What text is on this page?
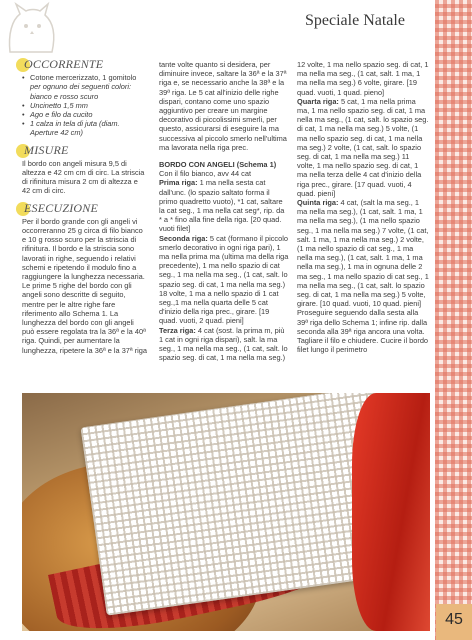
Speciale Natale
OCCORRENTE
• Cotone mercerizzato, 1 gomitolo per ognuno dei seguenti colori: bianco e rosso scuro
• Uncinetto 1,5 mm
• Ago e filo da cucito
• 1 calza in tela di juta (diam. Aperture 42 cm)
MISURE

Il bordo con angeli misura 9,5 di altezza e 42 cm cm di circ. La striscia di rifinitura misura 2 cm di altezza e 42 cm di circ.

ESECUZIONE

Per il bordo grande con gli angeli vi occorreranno 25 g circa di filo bianco e 10 g rosso scuro per la striscia di rifinitura. Il bordo e la striscia sono lavorati in righe, seguendo i relativi schemi e ripetendo il modulo fino a raggiungere la lunghezza necessaria. Le prime 5 righe del bordo con gli angeli sono descritte di seguito, mentre per le altre righe fare riferimento allo Schema 1. La lunghezza del bordo con gli angeli può essere regolata tra la 36ª e la 40ª riga. Quindi, per aumentare la lunghezza, ripetere la 36ª e la 37ª riga

tante volte quanto si desidera, per diminuire invece, saltare la 36ª e la 37ª riga e, se necessario anche la 38ª e la 39ª riga. Le 5 cat all'inizio delle righe dispari, contano come uno spazio aggiuntivo per creare un margine decorativo di piccolissimi smerli, per questo, assicurarsi di eseguire la ma successiva al piccolo smerlo nell'ultima ma lavorata nella riga prec.

BORDO CON ANGELI (Schema 1)

Con il filo bianco, avv 44 cat

Prima riga: 1 ma nella sesta cat dall'unc. (lo spazio saltato forma il primo quadretto vuoto), *1 cat, saltare la cat seg., 1 ma nella cat seg*, rip. da * a * fino alla fine della riga. [20 quad. vuoti filet]

Seconda riga: 5 cat (formano il piccolo smerlo decorativo in ogni riga pari), 1 ma nella prima ma (ultima ma della riga precedente), 1 ma nello spazio di cat seg., 1 ma nella ma seg., (1 cat, salt. lo spazio seg. di cat, 1 ma nella ma seg.) 18 volte, 1 ma a nello spazio di 1 cat seg.,1 ma nella quarta delle 5 cat d'inizio della riga prec., girare. [19 quad. vuoti, 2 quad. pieni]

Terza riga: 4 cat (sost. la prima m, più 1 cat in ogni riga dispari), salt. la ma seg., 1 ma nella ma seg., (1 cat, salt. lo spazio seg. di cat, 1 ma nella ma seg.)

12 volte, 1 ma nello spazio seg. di cat, 1 ma nella ma seg., (1 cat, salt. 1 ma, 1 ma nella ma seg.) 6 volte, girare. [19 quad. vuoti, 1 quad. pieno]

Quarta riga: 5 cat, 1 ma nella prima ma, 1 ma nello spazio seg. di cat, 1 ma nella ma seg., (1 cat, salt. lo spazio seg. di cat, 1 ma nella ma seg.) 5 volte, (1 ma nello spazio seg. di cat, 1 ma nella ma seg.) 2 volte, (1 cat, salt. lo spazio seg. di cat, 1 ma nella ma seg.) 11 volte, 1 ma nello spazio seg. di cat, 1 ma nella terza delle 4 cat d'inizio della riga prec., girare. [17 quad. vuoti, 4 quad. pieni]

Quinta riga: 4 cat, (salt la ma seg., 1 ma nella ma seg.), (1 cat, salt. 1 ma, 1 ma nella ma seg.), (1 ma nello spazio seg., 1 ma nella ma seg.) 7 volte, (1 cat, salt. 1 ma, 1 ma nella ma seg.) 2 volte, (1 ma nello spazio di cat seg., 1 ma nella ma seg.), (1 cat, salt. 1 ma, 1 ma nella ma seg.), 1 ma in ognuna delle 2 ma seg., 1 ma nello spazio di cat seg., 1 ma nella ma seg., (1 cat, salt. lo spazio seg. di cat, 1 ma nella ma seg.) 5 volte, girare. [10 quad. vuoti, 10 quad. pieni]

Proseguire seguendo dalla sesta alla 39ª riga dello Schema 1; infine rip. dalla seconda alla 39ª riga ancora una volta. Tagliare il filo e chiudere. Cucire il bordo filet lungo il perimetro

45
